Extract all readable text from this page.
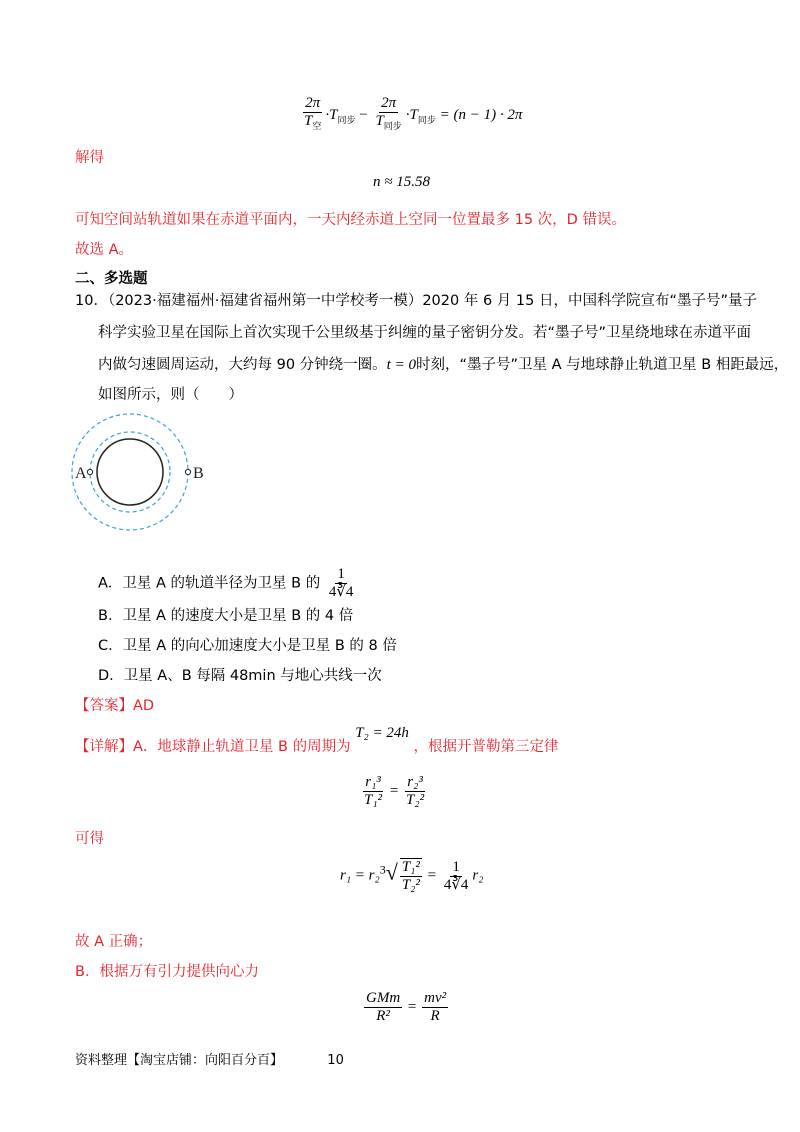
$\frac{2\pi}{T_空} \cdot T_{同步} - \frac{2\pi}{T_{同步}} \cdot T_{同步} = (n - 1) \cdot 2\pi$
解得
n ≈ 15.58
可知空间站轨道如果在赤道平面内，一天内经赤道上空同一位置最多 15 次，D 错误。
故选 A。
二、多选题
10．（2023·福建福州·福建省福州第一中学校考一模）2020 年 6 月 15 日，中国科学院宣布“墨子号”量子
科学实验卫星在国际上首次实现千公里级基于纠缠的量子密钥分发。若“墨子号”卫星绕地球在赤道平面
内做匀速圆周运动，大约每 90 分钟绕一圈。t = 0时刻，“墨子号”卫星 A 与地球静止轨道卫星 B 相距最远，
如图所示，则（　　）
A	B
A．卫星 A 的轨道半径为卫星 B 的 $\frac{1}{4∛4}$
B．卫星 A 的速度大小是卫星 B 的 4 倍
C．卫星 A 的向心加速度大小是卫星 B 的 8 倍
D．卫星 A、B 每隔 48min 与地心共线一次
【答案】AD
【详解】A．地球静止轨道卫星 B 的周期为 T₂ = 24h ，根据开普勒第三定律
$\frac{\text{r₁³}}{\text{T₁²}} = \frac{\text{r₂³}}{\text{T₂²}}$
可得
$r_1 = r_2^3√ \frac{\text{T₁²}}{\text{T₂²}} = \frac{1}{4∛4} r_2$
故 A 正确；
B．根据万有引力提供向心力
$\frac{\text{GMm}}{\text{R²}} = \frac{\text{mv²}}{R}$
资料整理【淘宝店铺：向阳百分百】	10
